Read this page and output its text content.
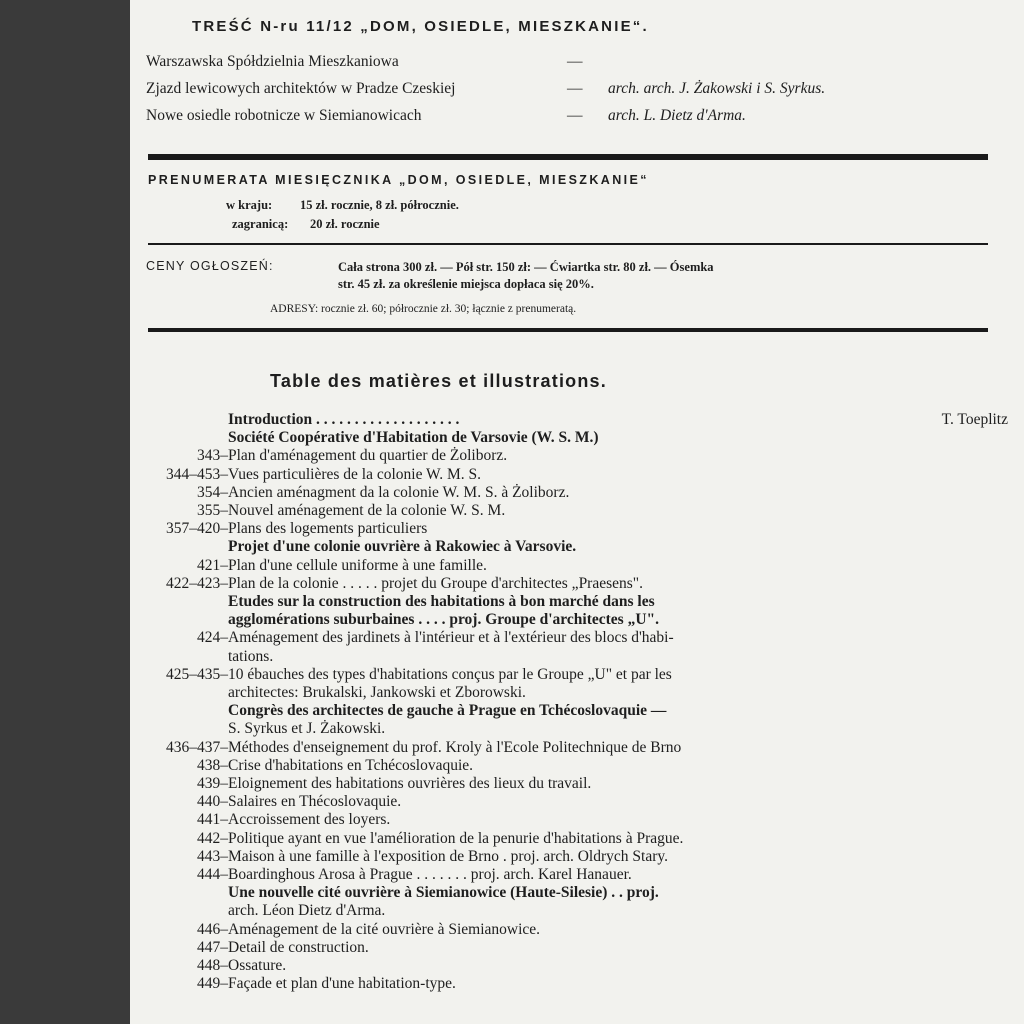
TREŚĆ N-ru 11/12 „DOM, OSIEDLE, MIESZKANIE“.
Warszawska Spółdzielnia Mieszkaniowa	—
Zjazd lewicowych architektów w Pradze Czeskiej	— arch. arch. J. Żakowski i S. Syrkus.
Nowe osiedle robotnicze w Siemianowicach	— arch. L. Dietz d'Arma.
PRENUMERATA MIESIĘCZNIKA „DOM, OSIEDLE, MIESZKANIE“
w kraju: 15 zł. rocznie, 8 zł. półrocznie.
zagranicą: 20 zł. rocznie
CENY OGŁOSZEŃ:	Cała strona 300 zł. — Pół str. 150 zł: — Ćwiartka str. 80 zł. — Ósemka
str. 45 zł. za określenie miejsca dopłaca się 20%.
ADRESY: rocznie zł. 60; półrocznie zł. 30; łącznie z prenumeratą.
Table des matières et illustrations.
Introduction . . . . . . . . . . . . . . . . . . .	T. Toeplitz
Société Coopérative d'Habitation de Varsovie (W. S. M.)
343– Plan d'aménagement du quartier de Żoliborz.
344–453– Vues particulières de la colonie W. M. S.
354– Ancien aménagment da la colonie W. M. S. à Żoliborz.
355– Nouvel aménagement de la colonie W. S. M.
357–420– Plans des logements particuliers
Projet d'une colonie ouvrière à Rakowiec à Varsovie.
421– Plan d'une cellule uniforme à une famille.
422–423– Plan de la colonie . . . . . projet du Groupe d'architectes „Praesens".
Etudes sur la construction des habitations à bon marché dans les
agglomérations suburbaines . . . . proj. Groupe d'architectes „U".
424– Aménagement des jardinets à l'intérieur et à l'extérieur des blocs d'habi-
tations.
425–435– 10 ébauches des types d'habitations conçus par le Groupe „U" et par les
architectes: Brukalski, Jankowski et Zborowski.
Congrès des architectes de gauche à Prague en Tchécoslovaquie —
S. Syrkus et J. Żakowski.
436–437– Méthodes d'enseignement du prof. Kroly à l'Ecole Politechnique de Brno
438– Crise d'habitations en Tchécoslovaquie.
439– Eloignement des habitations ouvrières des lieux du travail.
440– Salaires en Thécoslovaquie.
441– Accroissement des loyers.
442– Politique ayant en vue l'amélioration de la penurie d'habitations à Prague.
443– Maison à une famille à l'exposition de Brno . proj. arch. Oldrych Stary.
444– Boardinghous Arosa à Prague . . . . . . . proj. arch. Karel Hanauer.
Une nouvelle cité ouvrière à Siemianowice (Haute-Silesie) . . proj.
arch. Léon Dietz d'Arma.
446– Aménagement de la cité ouvrière à Siemianowice.
447– Detail de construction.
448– Ossature.
449– Façade et plan d'une habitation-type.
